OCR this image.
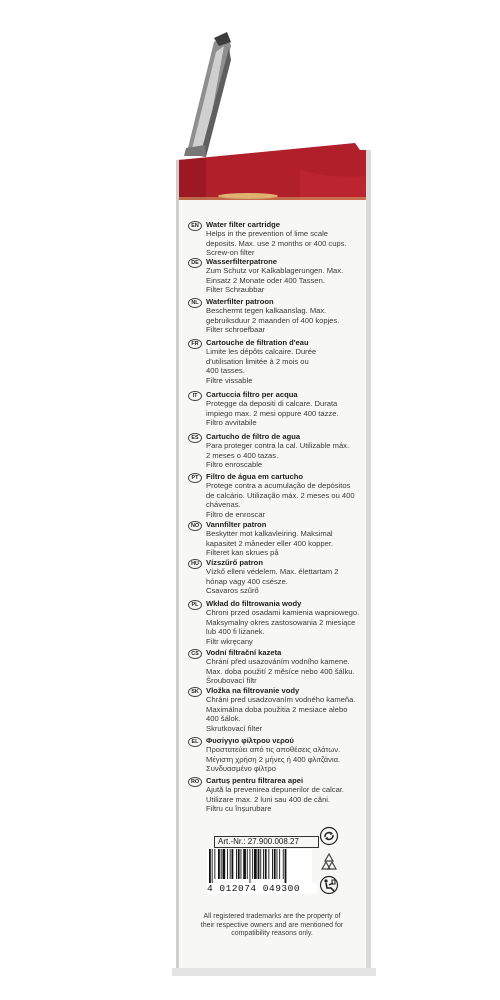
EN Water filter cartridge
Helps in the prevention of lime scale
deposits. Max. use 2 months or 400 cups.
Screw-on filter
DE Wasserfilterpatrone
Zum Schutz vor Kalkablagerungen. Max.
Einsatz 2 Monate oder 400 Tassen.
Filter Schraubbar
NL Waterfilter patroon
Beschermt tegen kalkaanslag. Max.
gebruiksduur 2 maanden of 400 kopjes.
Filter schroefbaar
FR Cartouche de filtration d'eau
Limite les dépôts calcaire. Durée
d'utilisation limitée à 2 mois ou
400 tasses.
Filtre vissable
IT	Cartuccia filtro per acqua
Protegge da depositi di calcare. Durata
impiego max. 2 mesi oppure 400 tazze.
Filtro avvitabile
ES Cartucho de filtro de agua
Para proteger contra la cal. Utilizable máx.
2 meses o 400 tazas.
Filtro enroscable
PT Filtro de água em cartucho
Protege contra a acumulação de depósitos
de calcário. Utilização máx. 2 meses ou 400
chávenas.
Filtro de enroscar
NO Vannfilter patron
Beskytter mot kalkavleiring. Maksimal
kapasitet 2 måneder eller 400 kopper.
Filteret kan skrues på
HU Vízszűrő patron
Vízkő elleni védelem. Max. élettartam 2
hónap vagy 400 csésze.
Csavaros szűrő
PL Wkład do filtrowania wody
Chroni przed osadami kamienia wapniowego.
Maksymalny okres zastosowania 2 miesiące
lub 400 fi liżanek.
Filtr wkręcany
CS Vodní filtrační kazeta
Chrání před usazováním vodního kamene.
Max. doba použití 2 měsíce nebo 400 šálku.
Šroubovací filtr
SK Vložka na filtrovanie vody
Chráni pred usadzovaním vodného kameňa.
Maximálna doba použitia 2 mesiace alebo
400 šálok.
Skrutkovací filter
EL Φυσίγγιο φίλτρου νερού
Προστατεύει από τις αποθέσεις αλάτων.
Μέγιστη χρήση 2 μήνες ή 400 φλιτζάνια.
Συνδυασμένο φίλτρο
RO Cartuș pentru filtrarea apei
Ajută la prevenirea depunerilor de calcar.
Utilizare max. 2 luni sau 400 de căni.
Filtru cu înșurubare
Art.-Nr.: 27.900.008.27
4 012074 049300
All registered trademarks are the property of their respective owners and are mentioned for compatibility reasons only.
